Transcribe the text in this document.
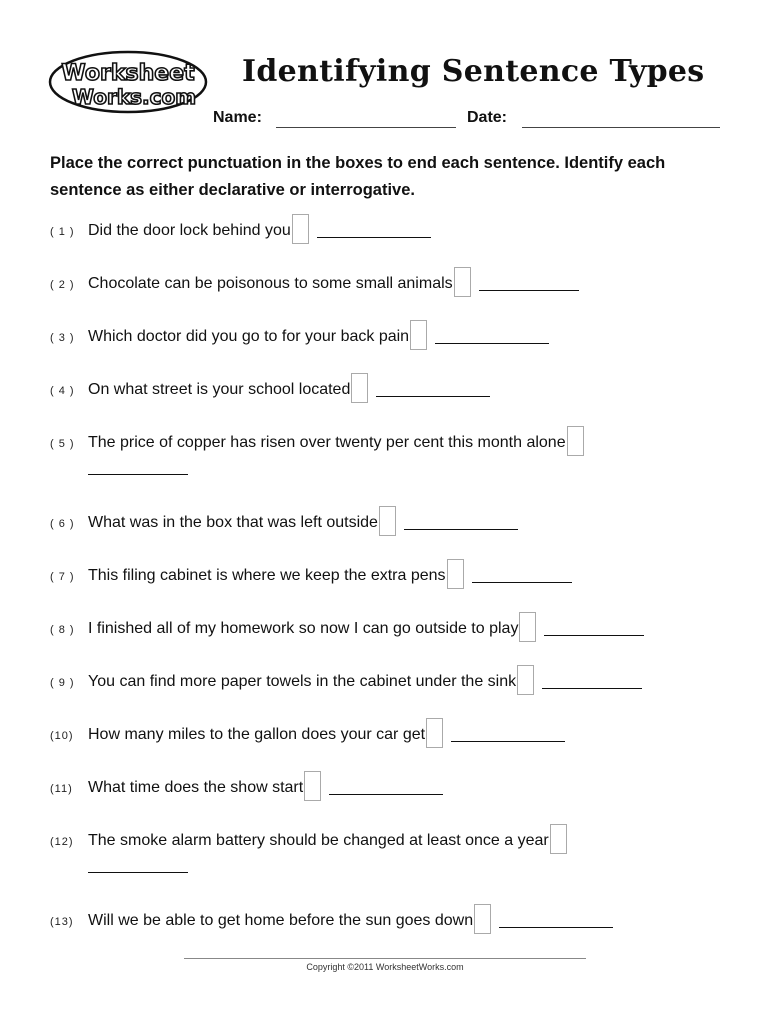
Worksheet
Works.com
Identifying Sentence Types
Name:	Date:
Place the correct punctuation in the boxes to end each sentence. Identify each sentence as either declarative or interrogative.
( 1 ) Did the door lock behind you
( 2 ) Chocolate can be poisonous to some small animals
( 3 ) Which doctor did you go to for your back pain
( 4 ) On what street is your school located
( 5 ) The price of copper has risen over twenty per cent this month alone
( 6 ) What was in the box that was left outside
( 7 ) This filing cabinet is where we keep the extra pens
( 8 ) I finished all of my homework so now I can go outside to play
( 9 ) You can find more paper towels in the cabinet under the sink
(10) How many miles to the gallon does your car get
(11) What time does the show start
(12) The smoke alarm battery should be changed at least once a year
(13) Will we be able to get home before the sun goes down
Copyright ©2011 WorksheetWorks.com
